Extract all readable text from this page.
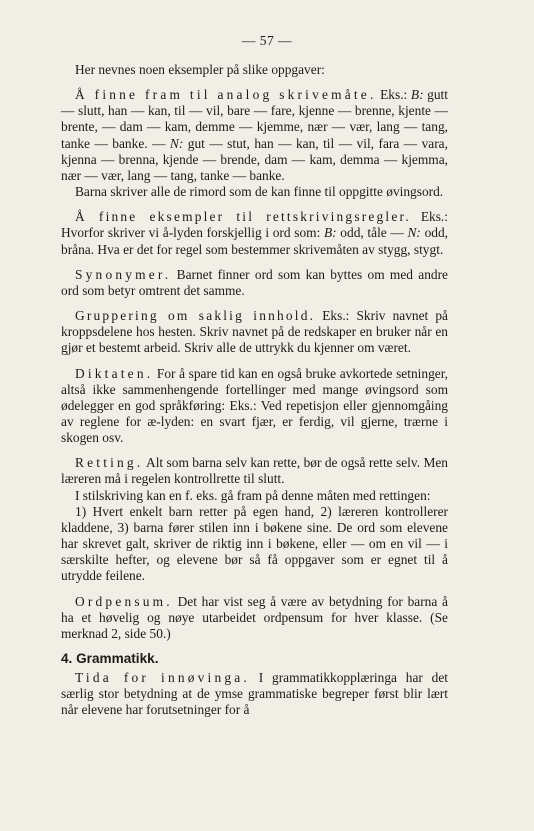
— 57 —

Her nevnes noen eksempler på slike oppgaver:

Å finne fram til analog skrivemåte. Eks.: B: gutt — slutt, han — kan, til — vil, bare — fare, kjenne — brenne, kjente — brente, — dam — kam, demme — kjemme, nær — vær, lang — tang, tanke — banke. — N: gut — stut, han — kan, til — vil, fara — vara, kjenna — brenna, kjende — brende, dam — kam, demma — kjemma, nær — vær, lang — tang, tanke — banke.

Barna skriver alle de rimord som de kan finne til oppgitte øvingsord.

Å finne eksempler til rettskrivingsregler. Eks.: Hvorfor skriver vi å-lyden forskjellig i ord som: B: odd, tåle — N: odd, bråna. Hva er det for regel som bestemmer skrivemåten av stygg, stygt.

Synonymer. Barnet finner ord som kan byttes om med andre ord som betyr omtrent det samme.

Gruppering om saklig innhold. Eks.: Skriv navnet på kroppsdelene hos hesten. Skriv navnet på de redskaper en bruker når en gjør et bestemt arbeid. Skriv alle de uttrykk du kjenner om været.

Diktaten. For å spare tid kan en også bruke avkortede setninger, altså ikke sammenhengende fortellinger med mange øvingsord som ødelegger en god språkføring: Eks.: Ved repetisjon eller gjennomgåing av reglene for æ-lyden: en svart fjær, er ferdig, vil gjerne, trærne i skogen osv.

Retting. Alt som barna selv kan rette, bør de også rette selv. Men læreren må i regelen kontrollrette til slutt.

I stilskriving kan en f. eks. gå fram på denne måten med rettingen:

1) Hvert enkelt barn retter på egen hand, 2) læreren kontrollerer kladdene, 3) barna fører stilen inn i bøkene sine. De ord som elevene har skrevet galt, skriver de riktig inn i bøkene, eller — om en vil — i særskilte hefter, og elevene bør så få oppgaver som er egnet til å utrydde feilene.

Ordpensum. Det har vist seg å være av betydning for barna å ha et høvelig og nøye utarbeidet ordpensum for hver klasse. (Se merknad 2, side 50.)

4. Grammatikk.

Tida for innøvinga. I grammatikkopplæringa har det særlig stor betydning at de ymse grammatiske begreper først blir lært når elevene har forutsetninger for å
